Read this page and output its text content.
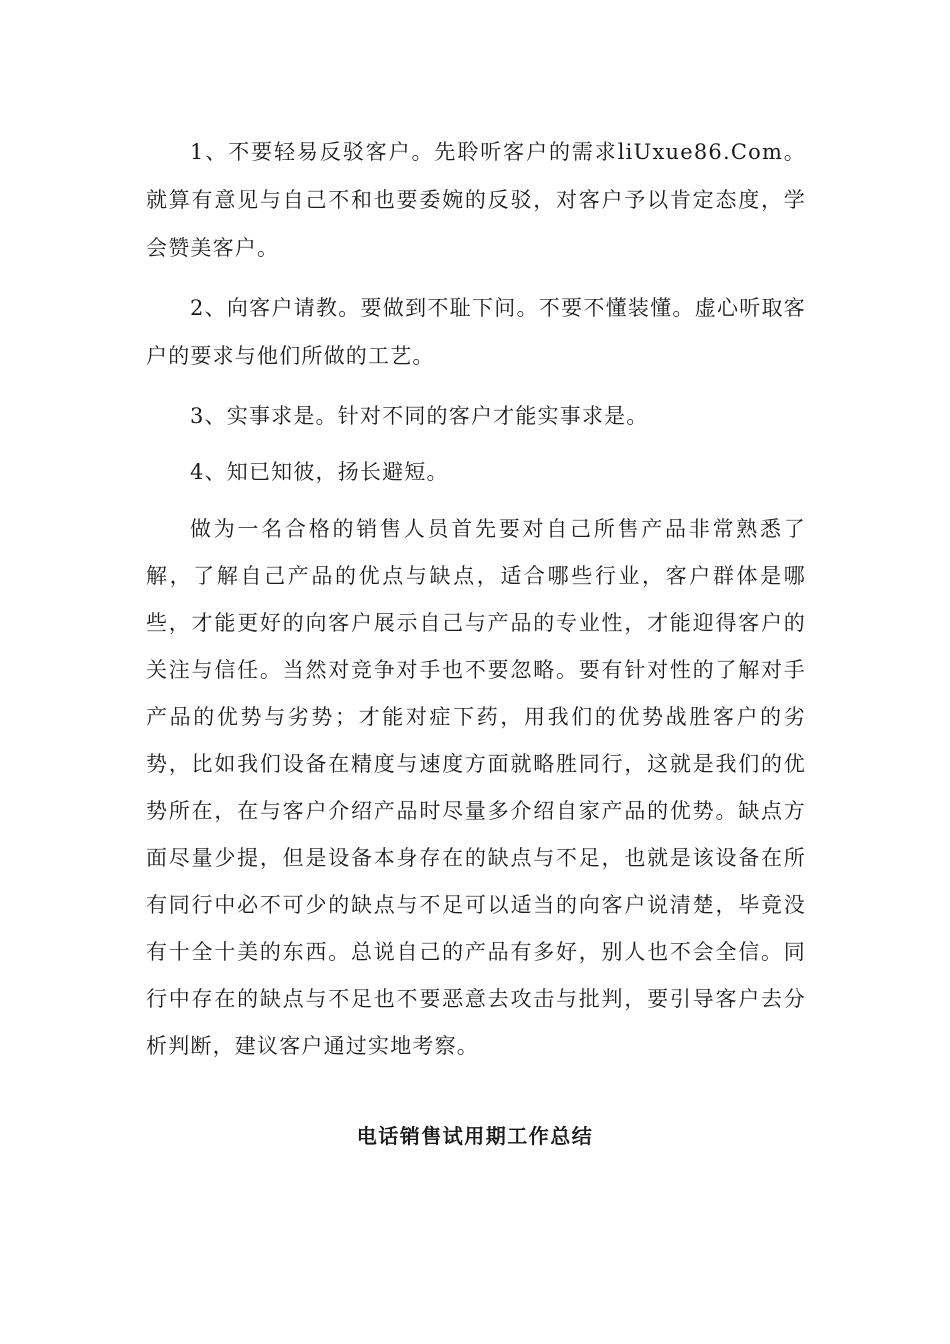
1、不要轻易反驳客户。先聆听客户的需求liUxue86.Com。就算有意见与自己不和也要委婉的反驳，对客户予以肯定态度，学会赞美客户。

2、向客户请教。要做到不耻下问。不要不懂装懂。虚心听取客户的要求与他们所做的工艺。

3、实事求是。针对不同的客户才能实事求是。

4、知已知彼，扬长避短。

做为一名合格的销售人员首先要对自己所售产品非常熟悉了解，了解自己产品的优点与缺点，适合哪些行业，客户群体是哪些，才能更好的向客户展示自己与产品的专业性，才能迎得客户的关注与信任。当然对竞争对手也不要忽略。要有针对性的了解对手产品的优势与劣势；才能对症下药，用我们的优势战胜客户的劣势，比如我们设备在精度与速度方面就略胜同行，这就是我们的优势所在，在与客户介绍产品时尽量多介绍自家产品的优势。缺点方面尽量少提，但是设备本身存在的缺点与不足，也就是该设备在所有同行中必不可少的缺点与不足可以适当的向客户说清楚，毕竟没有十全十美的东西。总说自己的产品有多好，别人也不会全信。同行中存在的缺点与不足也不要恶意去攻击与批判，要引导客户去分析判断，建议客户通过实地考察。

电话销售试用期工作总结
